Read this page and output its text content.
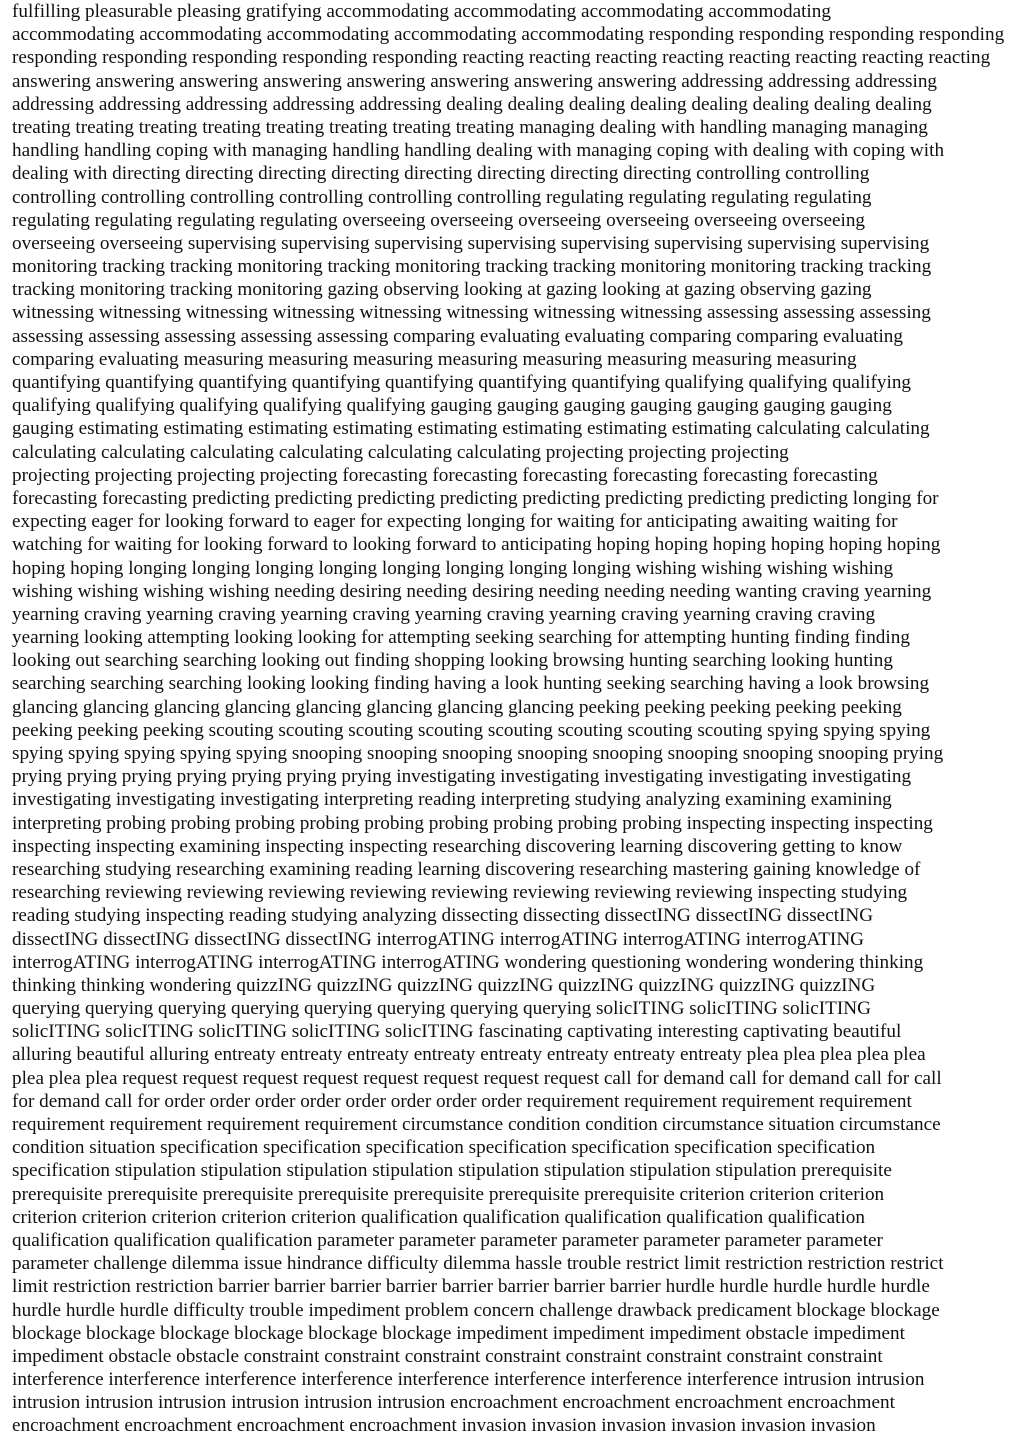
fulfilling pleasurable pleasing gratifying accommodating accommodating accommodating accommodating
accommodating accommodating accommodating accommodating accommodating responding responding responding responding
responding responding responding responding responding reacting reacting reacting reacting reacting reacting reacting reacting
answering answering answering answering answering answering answering answering addressing addressing addressing
addressing addressing addressing addressing addressing dealing dealing dealing dealing dealing dealing dealing dealing
treating treating treating treating treating treating treating treating managing dealing with handling managing managing
handling handling coping with managing handling handling dealing with managing coping with dealing with coping with
dealing with directing directing directing directing directing directing directing directing controlling controlling
controlling controlling controlling controlling controlling controlling regulating regulating regulating regulating
regulating regulating regulating regulating overseeing overseeing overseeing overseeing overseeing overseeing
overseeing overseeing supervising supervising supervising supervising supervising supervising supervising supervising
monitoring tracking tracking monitoring tracking monitoring tracking tracking monitoring monitoring tracking tracking
tracking monitoring tracking monitoring gazing observing looking at gazing looking at gazing observing gazing
witnessing witnessing witnessing witnessing witnessing witnessing witnessing witnessing assessing assessing assessing
assessing assessing assessing assessing assessing comparing evaluating evaluating comparing comparing evaluating
comparing evaluating measuring measuring measuring measuring measuring measuring measuring measuring
quantifying quantifying quantifying quantifying quantifying quantifying quantifying qualifying qualifying qualifying
qualifying qualifying qualifying qualifying qualifying gauging gauging gauging gauging gauging gauging gauging
gauging estimating estimating estimating estimating estimating estimating estimating estimating calculating calculating
calculating calculating calculating calculating calculating calculating projecting projecting projecting
projecting projecting projecting projecting forecasting forecasting forecasting forecasting forecasting forecasting
forecasting forecasting predicting predicting predicting predicting predicting predicting predicting predicting longing for
expecting eager for looking forward to eager for expecting longing for waiting for anticipating awaiting waiting for
watching for waiting for looking forward to looking forward to anticipating hoping hoping hoping hoping hoping hoping
hoping hoping longing longing longing longing longing longing longing longing wishing wishing wishing wishing
wishing wishing wishing wishing needing desiring needing desiring needing needing needing wanting craving yearning
yearning craving yearning craving yearning craving yearning craving yearning craving yearning craving craving
yearning looking attempting looking looking for attempting seeking searching for attempting hunting finding finding
looking out searching searching looking out finding shopping looking browsing hunting searching looking hunting
searching searching searching looking looking finding having a look hunting seeking searching having a look browsing
glancing glancing glancing glancing glancing glancing glancing glancing peeking peeking peeking peeking peeking
peeking peeking peeking scouting scouting scouting scouting scouting scouting scouting scouting spying spying spying
spying spying spying spying spying snooping snooping snooping snooping snooping snooping snooping snooping prying
prying prying prying prying prying prying prying investigating investigating investigating investigating investigating
investigating investigating investigating interpreting reading interpreting studying analyzing examining examining
interpreting probing probing probing probing probing probing probing probing probing inspecting inspecting inspecting
inspecting inspecting examining inspecting inspecting researching discovering learning discovering getting to know
researching studying researching examining reading learning discovering researching mastering gaining knowledge of
researching reviewing reviewing reviewing reviewing reviewing reviewing reviewing reviewing inspecting studying
reading studying inspecting reading studying analyzing dissecting dissecting dissectING dissectING dissectING
dissectING dissectING dissectING dissectING interrogATING interrogATING interrogATING interrogATING
interrogATING interrogATING interrogATING interrogATING wondering questioning wondering wondering thinking
thinking thinking wondering quizzING quizzING quizzING quizzING quizzING quizzING quizzING quizzING
querying querying querying querying querying querying querying querying solicITING solicITING solicITING
solicITING solicITING solicITING solicITING solicITING fascinating captivating interesting captivating beautiful
alluring beautiful alluring entreaty entreaty entreaty entreaty entreaty entreaty entreaty entreaty plea plea plea plea plea
plea plea plea request request request request request request request request call for demand call for demand call for call
for demand call for order order order order order order order order requirement requirement requirement requirement
requirement requirement requirement requirement circumstance condition condition circumstance situation circumstance
condition situation specification specification specification specification specification specification specification
specification stipulation stipulation stipulation stipulation stipulation stipulation stipulation stipulation prerequisite
prerequisite prerequisite prerequisite prerequisite prerequisite prerequisite prerequisite criterion criterion criterion
criterion criterion criterion criterion criterion qualification qualification qualification qualification qualification
qualification qualification qualification parameter parameter parameter parameter parameter parameter parameter
parameter challenge dilemma issue hindrance difficulty dilemma hassle trouble restrict limit restriction restriction restrict
limit restriction restriction barrier barrier barrier barrier barrier barrier barrier barrier hurdle hurdle hurdle hurdle hurdle
hurdle hurdle hurdle difficulty trouble impediment problem concern challenge drawback predicament blockage blockage
blockage blockage blockage blockage blockage blockage impediment impediment impediment obstacle impediment
impediment obstacle obstacle constraint constraint constraint constraint constraint constraint constraint constraint
interference interference interference interference interference interference interference interference intrusion intrusion
intrusion intrusion intrusion intrusion intrusion intrusion encroachment encroachment encroachment encroachment
encroachment encroachment encroachment encroachment invasion invasion invasion invasion invasion invasion
